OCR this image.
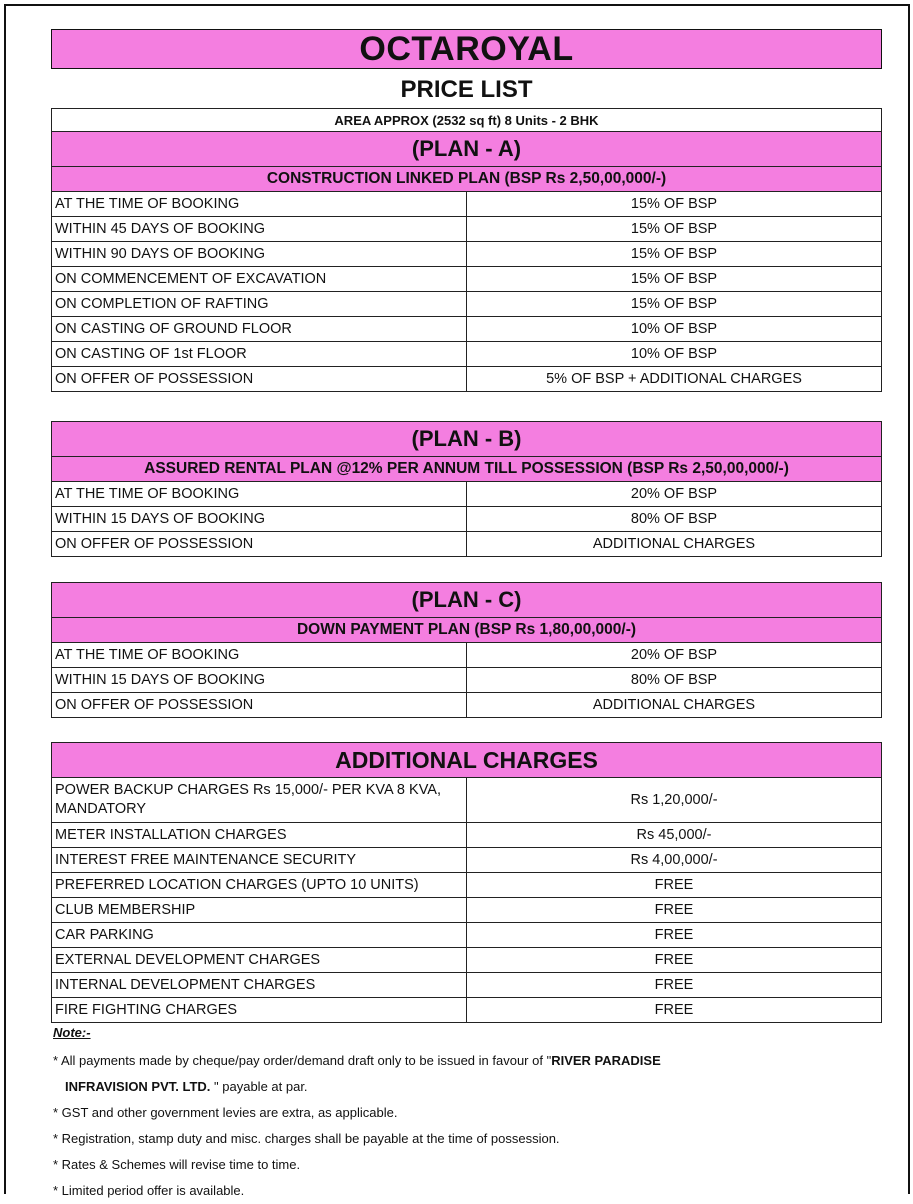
OCTAROYAL
PRICE LIST
AREA APPROX (2532 sq ft) 8 Units - 2 BHK	
(PLAN - A)	
CONSTRUCTION LINKED PLAN (BSP Rs 2,50,00,000/-)	
AT THE TIME OF BOOKING	15% OF BSP
WITHIN 45 DAYS OF BOOKING	15% OF BSP
WITHIN 90 DAYS OF BOOKING	15% OF BSP
ON COMMENCEMENT OF EXCAVATION	15% OF BSP
ON COMPLETION OF RAFTING	15% OF BSP
ON CASTING OF GROUND FLOOR	10% OF BSP
ON CASTING OF 1st FLOOR	10% OF BSP
ON OFFER OF POSSESSION	5% OF BSP + ADDITIONAL CHARGES
(PLAN - B)	
ASSURED RENTAL PLAN @12% PER ANNUM TILL POSSESSION (BSP Rs 2,50,00,000/-)	
AT THE TIME OF BOOKING	20% OF BSP
WITHIN 15 DAYS OF BOOKING	80% OF BSP
ON OFFER OF POSSESSION	ADDITIONAL CHARGES
(PLAN - C)	
DOWN PAYMENT PLAN (BSP Rs 1,80,00,000/-)	
AT THE TIME OF BOOKING	20% OF BSP
WITHIN 15 DAYS OF BOOKING	80% OF BSP
ON OFFER OF POSSESSION	ADDITIONAL CHARGES
ADDITIONAL CHARGES	
POWER BACKUP CHARGES Rs 15,000/- PER KVA 8 KVA, MANDATORY	Rs 1,20,000/-
METER INSTALLATION CHARGES	Rs 45,000/-
INTEREST FREE MAINTENANCE SECURITY	Rs 4,00,000/-
PREFERRED LOCATION CHARGES (UPTO 10 UNITS)	FREE
CLUB MEMBERSHIP	FREE
CAR PARKING	FREE
EXTERNAL DEVELOPMENT CHARGES	FREE
INTERNAL DEVELOPMENT CHARGES	FREE
FIRE FIGHTING CHARGES	FREE
Note:-
* All payments made by cheque/pay order/demand draft only to be issued in favour of "RIVER PARADISE
INFRAVISION PVT. LTD. " payable at par.
* GST and other government levies are extra, as applicable.
* Registration, stamp duty and misc. charges shall be payable at the time of possession.
* Rates & Schemes will revise time to time.
* Limited period offer is available.
